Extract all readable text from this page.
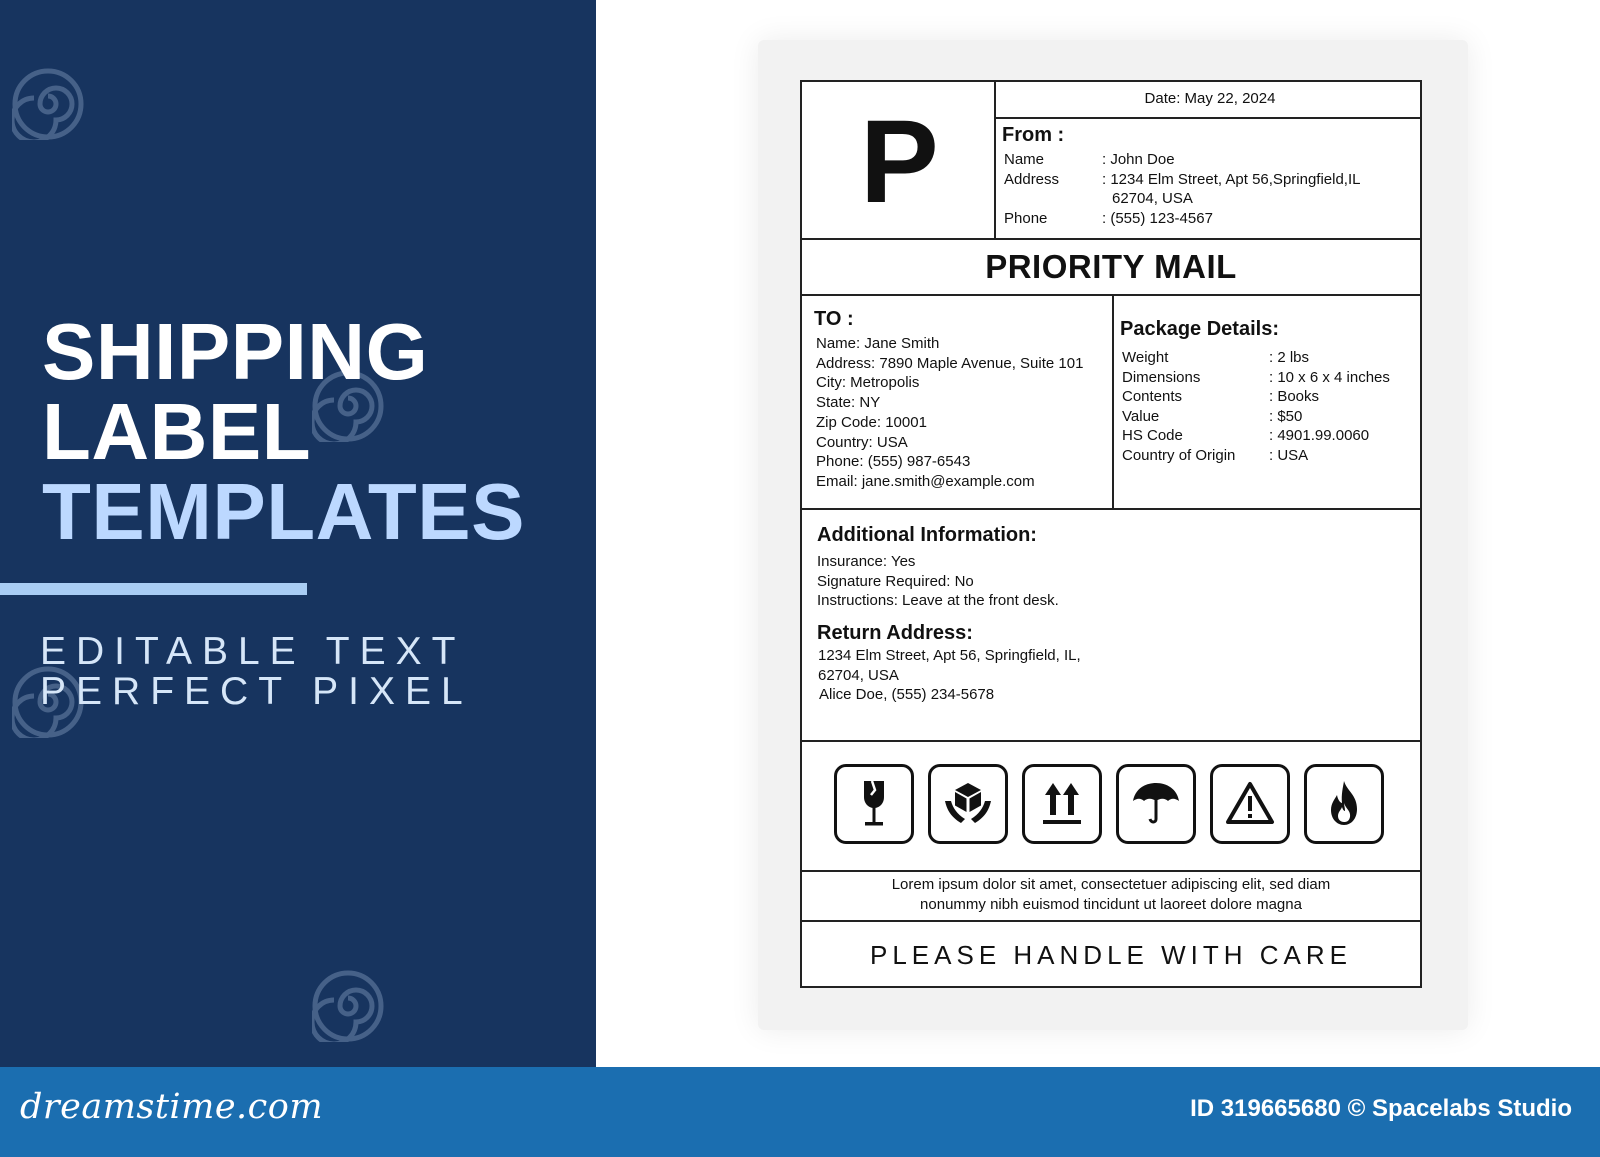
SHIPPING
LABEL
TEMPLATES
EDITABLE TEXT
PERFECT PIXEL
P	Date: May 22, 2024
From :
Name	: John Doe
Address	: 1234 Elm Street, Apt 56,Springfield,IL
62704, USA
Phone	: (555) 123-4567
PRIORITY MAIL
TO :
Name: Jane Smith
Address: 7890 Maple Avenue, Suite 101
City: Metropolis
State: NY
Zip Code: 10001
Country: USA
Phone: (555) 987-6543
Email: jane.smith@example.com
Package Details:
Weight	: 2 lbs
Dimensions	: 10 x 6 x 4 inches
Contents	: Books
Value	: $50
HS Code	: 4901.99.0060
Country of Origin : USA
Additional Information:
Insurance: Yes
Signature Required: No
Instructions: Leave at the front desk.
Return Address:
1234 Elm Street, Apt 56, Springfield, IL,
62704, USA
Alice Doe, (555) 234-5678
Lorem ipsum dolor sit amet, consectetuer adipiscing elit, sed diam
nonummy nibh euismod tincidunt ut laoreet dolore magna
PLEASE HANDLE WITH CARE
dreamstime.com	ID 319665680 © Spacelabs Studio
